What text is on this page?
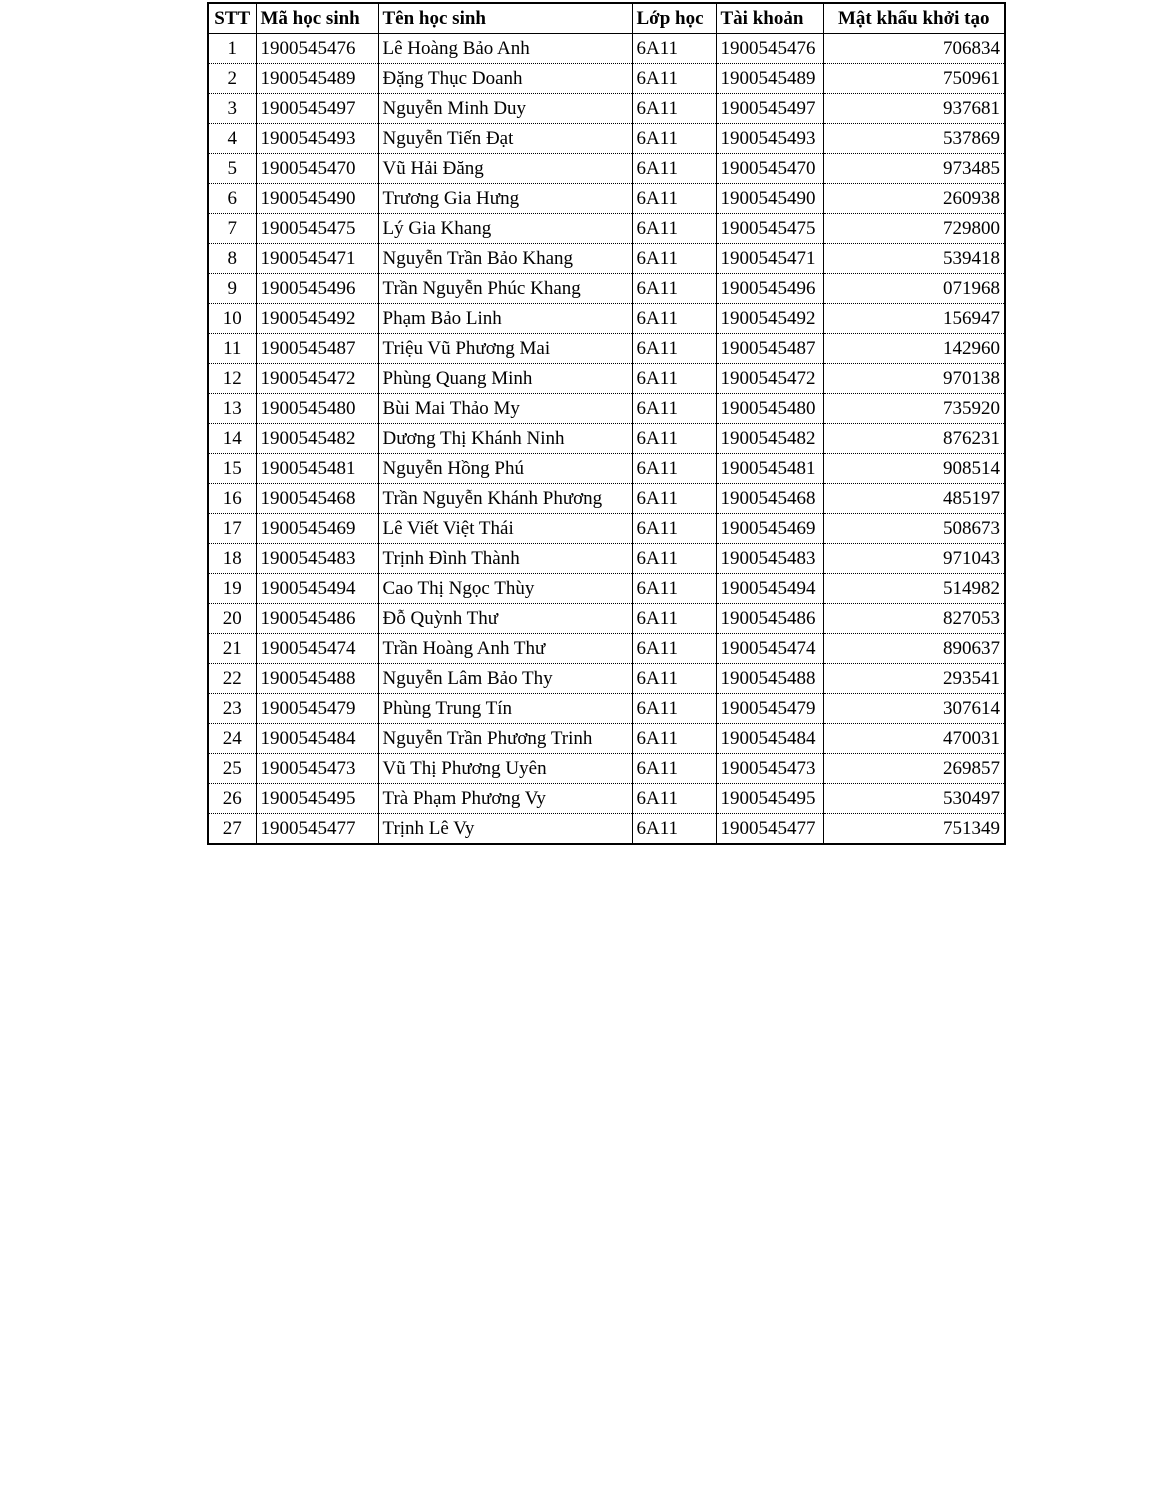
STT	Mã học sinh	Tên học sinh	Lớp học	Tài khoản	Mật khẩu khởi tạo
1	1900545476	Lê Hoàng Bảo Anh	6A11	1900545476	706834
2	1900545489	Đặng Thục Doanh	6A11	1900545489	750961
3	1900545497	Nguyễn Minh Duy	6A11	1900545497	937681
4	1900545493	Nguyễn Tiến Đạt	6A11	1900545493	537869
5	1900545470	Vũ Hải Đăng	6A11	1900545470	973485
6	1900545490	Trương Gia Hưng	6A11	1900545490	260938
7	1900545475	Lý Gia Khang	6A11	1900545475	729800
8	1900545471	Nguyễn Trần Bảo Khang	6A11	1900545471	539418
9	1900545496	Trần Nguyễn Phúc Khang	6A11	1900545496	071968
10	1900545492	Phạm Bảo Linh	6A11	1900545492	156947
11	1900545487	Triệu Vũ Phương Mai	6A11	1900545487	142960
12	1900545472	Phùng Quang Minh	6A11	1900545472	970138
13	1900545480	Bùi Mai Thảo My	6A11	1900545480	735920
14	1900545482	Dương Thị Khánh Ninh	6A11	1900545482	876231
15	1900545481	Nguyễn Hồng Phú	6A11	1900545481	908514
16	1900545468	Trần Nguyễn Khánh Phương	6A11	1900545468	485197
17	1900545469	Lê Viết Việt Thái	6A11	1900545469	508673
18	1900545483	Trịnh Đình Thành	6A11	1900545483	971043
19	1900545494	Cao Thị Ngọc Thùy	6A11	1900545494	514982
20	1900545486	Đỗ Quỳnh Thư	6A11	1900545486	827053
21	1900545474	Trần Hoàng Anh Thư	6A11	1900545474	890637
22	1900545488	Nguyễn Lâm Bảo Thy	6A11	1900545488	293541
23	1900545479	Phùng Trung Tín	6A11	1900545479	307614
24	1900545484	Nguyễn Trần Phương Trinh	6A11	1900545484	470031
25	1900545473	Vũ Thị Phương Uyên	6A11	1900545473	269857
26	1900545495	Trà Phạm Phương Vy	6A11	1900545495	530497
27	1900545477	Trịnh Lê Vy	6A11	1900545477	751349
